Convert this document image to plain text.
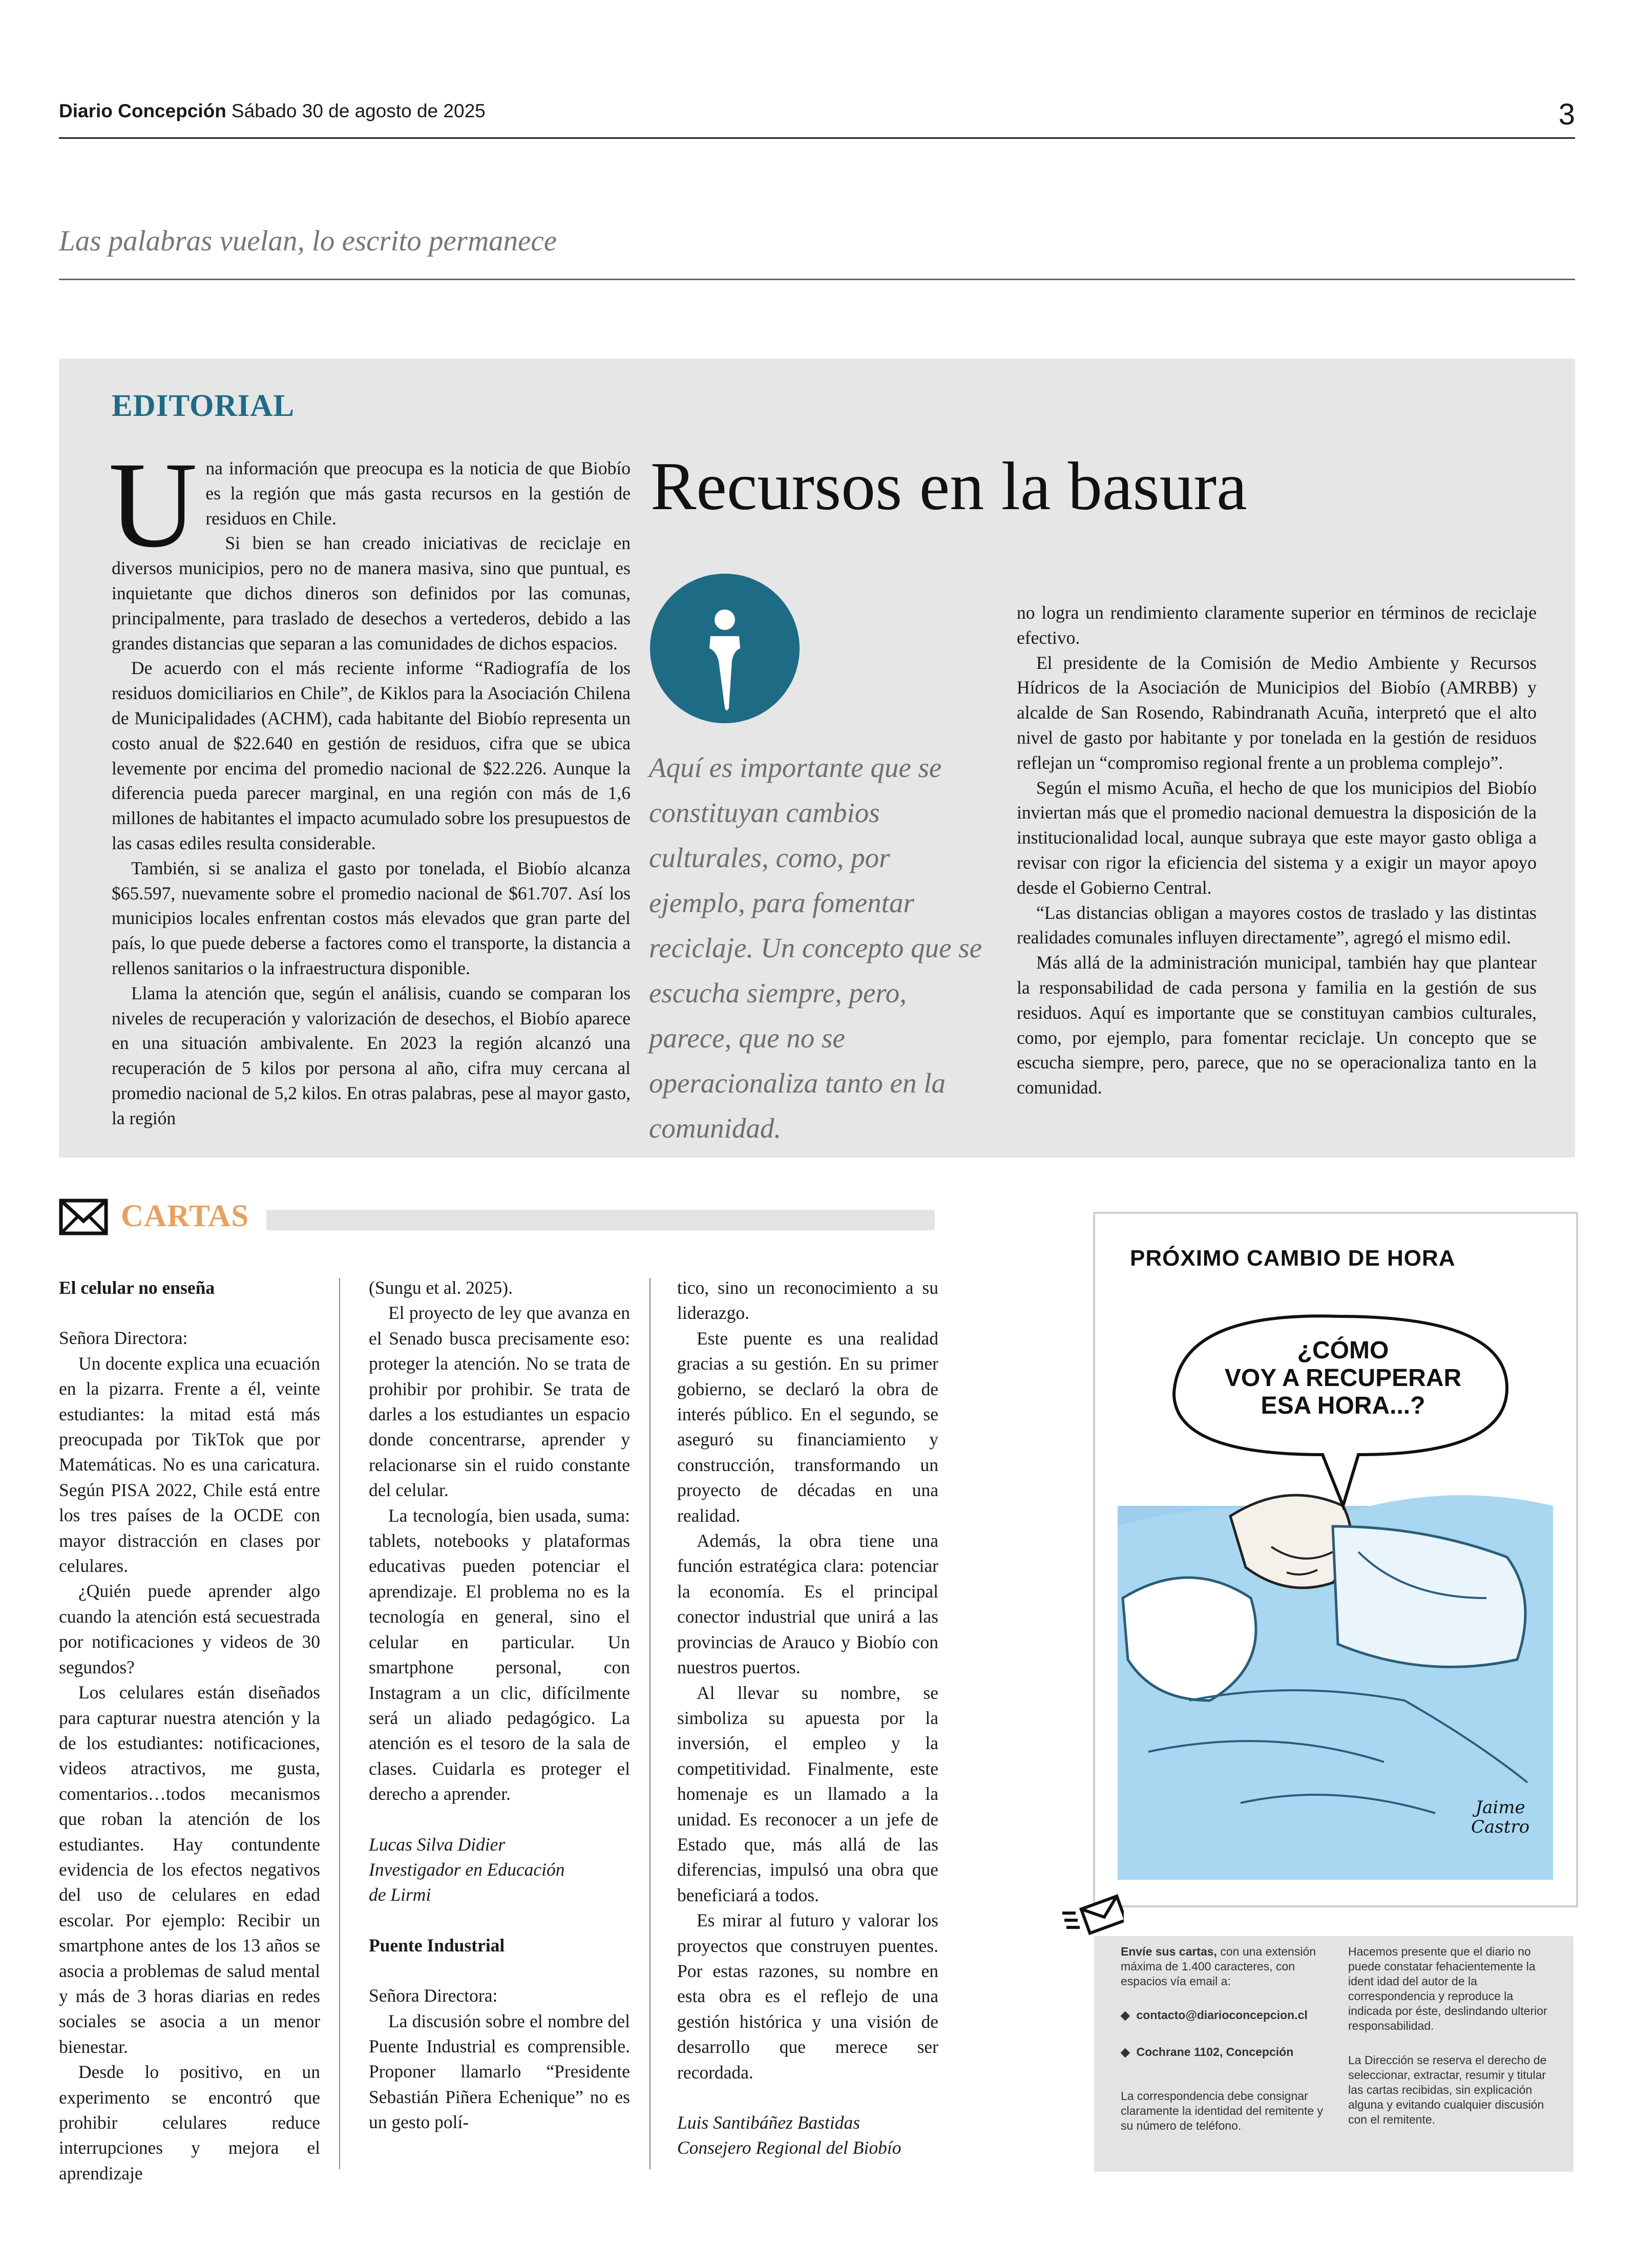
Diario Concepción Sábado 30 de agosto de 2025	3
Las palabras vuelan, lo escrito permanece
EDITORIAL

Una información que preocupa es la noticia de que Biobío es la región que más gasta recursos en la gestión de residuos en Chile.

Si bien se han creado iniciativas de reciclaje en diversos municipios, pero no de manera masiva, sino que puntual, es inquietante que dichos dineros son definidos por las comunas, principalmente, para traslado de desechos a vertederos, debido a las grandes distancias que separan a las comunidades de dichos espacios.

De acuerdo con el más reciente informe “Radiografía de los residuos domiciliarios en Chile”, de Kiklos para la Asociación Chilena de Municipalidades (ACHM), cada habitante del Biobío representa un costo anual de $22.640 en gestión de residuos, cifra que se ubica levemente por encima del promedio nacional de $22.226. Aunque la diferencia pueda parecer marginal, en una región con más de 1,6 millones de habitantes el impacto acumulado sobre los presupuestos de las casas ediles resulta considerable.

También, si se analiza el gasto por tonelada, el Biobío alcanza $65.597, nuevamente sobre el promedio nacional de $61.707. Así los municipios locales enfrentan costos más elevados que gran parte del país, lo que puede deberse a factores como el transporte, la distancia a rellenos sanitarios o la infraestructura disponible.

Llama la atención que, según el análisis, cuando se comparan los niveles de recuperación y valorización de desechos, el Biobío aparece en una situación ambivalente. En 2023 la región alcanzó una recuperación de 5 kilos por persona al año, cifra muy cercana al promedio nacional de 5,2 kilos. En otras palabras, pese al mayor gasto, la región

Recursos en la basura
Aquí es importante que se constituyan cambios culturales, como, por ejemplo, para fomentar reciclaje. Un concepto que se escucha siempre, pero, parece, que no se operacionaliza tanto en la comunidad.

no logra un rendimiento claramente superior en términos de reciclaje efectivo.

El presidente de la Comisión de Medio Ambiente y Recursos Hídricos de la Asociación de Municipios del Biobío (AMRBB) y alcalde de San Rosendo, Rabindranath Acuña, interpretó que el alto nivel de gasto por habitante y por tonelada en la gestión de residuos reflejan un “compromiso regional frente a un problema complejo”.

Según el mismo Acuña, el hecho de que los municipios del Biobío inviertan más que el promedio nacional demuestra la disposición de la institucionalidad local, aunque subraya que este mayor gasto obliga a revisar con rigor la eficiencia del sistema y a exigir un mayor apoyo desde el Gobierno Central.

“Las distancias obligan a mayores costos de traslado y las distintas realidades comunales influyen directamente”, agregó el mismo edil.

Más allá de la administración municipal, también hay que plantear la responsabilidad de cada persona y familia en la gestión de sus residuos. Aquí es importante que se constituyan cambios culturales, como, por ejemplo, para fomentar reciclaje. Un concepto que se escucha siempre, pero, parece, que no se operacionaliza tanto en la comunidad.

CARTAS

El celular no enseña

Señora Directora:

Un docente explica una ecuación en la pizarra. Frente a él, veinte estudiantes: la mitad está más preocupada por TikTok que por Matemáticas. No es una caricatura. Según PISA 2022, Chile está entre los tres países de la OCDE con mayor distracción en clases por celulares.

¿Quién puede aprender algo cuando la atención está secuestrada por notificaciones y videos de 30 segundos?

Los celulares están diseñados para capturar nuestra atención y la de los estudiantes: notificaciones, videos atractivos, me gusta, comentarios…todos mecanismos que roban la atención de los estudiantes. Hay contundente evidencia de los efectos negativos del uso de celulares en edad escolar. Por ejemplo: Recibir un smartphone antes de los 13 años se asocia a problemas de salud mental y más de 3 horas diarias en redes sociales se asocia a un menor bienestar.

Desde lo positivo, en un experimento se encontró que prohibir celulares reduce interrupciones y mejora el aprendizaje

(Sungu et al. 2025).

El proyecto de ley que avanza en el Senado busca precisamente eso: proteger la atención. No se trata de prohibir por prohibir. Se trata de darles a los estudiantes un espacio donde concentrarse, aprender y relacionarse sin el ruido constante del celular.

La tecnología, bien usada, suma: tablets, notebooks y plataformas educativas pueden potenciar el aprendizaje. El problema no es la tecnología en general, sino el celular en particular. Un smartphone personal, con Instagram a un clic, difícilmente será un aliado pedagógico. La atención es el tesoro de la sala de clases. Cuidarla es proteger el derecho a aprender.

Lucas Silva Didier

Investigador en Educación

de Lirmi

Puente Industrial

Señora Directora:

La discusión sobre el nombre del Puente Industrial es comprensible. Proponer llamarlo “Presidente Sebastián Piñera Echenique” no es un gesto polí-

tico, sino un reconocimiento a su liderazgo.

Este puente es una realidad gracias a su gestión. En su primer gobierno, se declaró la obra de interés público. En el segundo, se aseguró su financiamiento y construcción, transformando un proyecto de décadas en una realidad.

Además, la obra tiene una función estratégica clara: potenciar la economía. Es el principal conector industrial que unirá a las provincias de Arauco y Biobío con nuestros puertos.

Al llevar su nombre, se simboliza su apuesta por la inversión, el empleo y la competitividad. Finalmente, este homenaje es un llamado a la unidad. Es reconocer a un jefe de Estado que, más allá de las diferencias, impulsó una obra que beneficiará a todos.

Es mirar al futuro y valorar los proyectos que construyen puentes. Por estas razones, su nombre en esta obra es el reflejo de una gestión histórica y una visión de desarrollo que merece ser recordada.

Luis Santibáñez Bastidas

Consejero Regional del Biobío

PRÓXIMO CAMBIO DE HORA
¿CÓMO
VOY A RECUPERAR
ESA HORA...?
Jaime
Castro
Envíe sus cartas, con una extensión máxima de 1.400 caracteres, con espacios vía email a:
◆ contacto@diarioconcepcion.cl
◆ Cochrane 1102, Concepción
La correspondencia debe consignar claramente la identidad del remitente y su número de teléfono.
Hacemos presente que el diario no puede constatar fehacientemente la ident idad del autor de la correspondencia y reproduce la indicada por éste, deslindando ulterior responsabilidad.
La Dirección se reserva el derecho de seleccionar, extractar, resumir y titular las cartas recibidas, sin explicación alguna y evitando cualquier discusión con el remitente.
